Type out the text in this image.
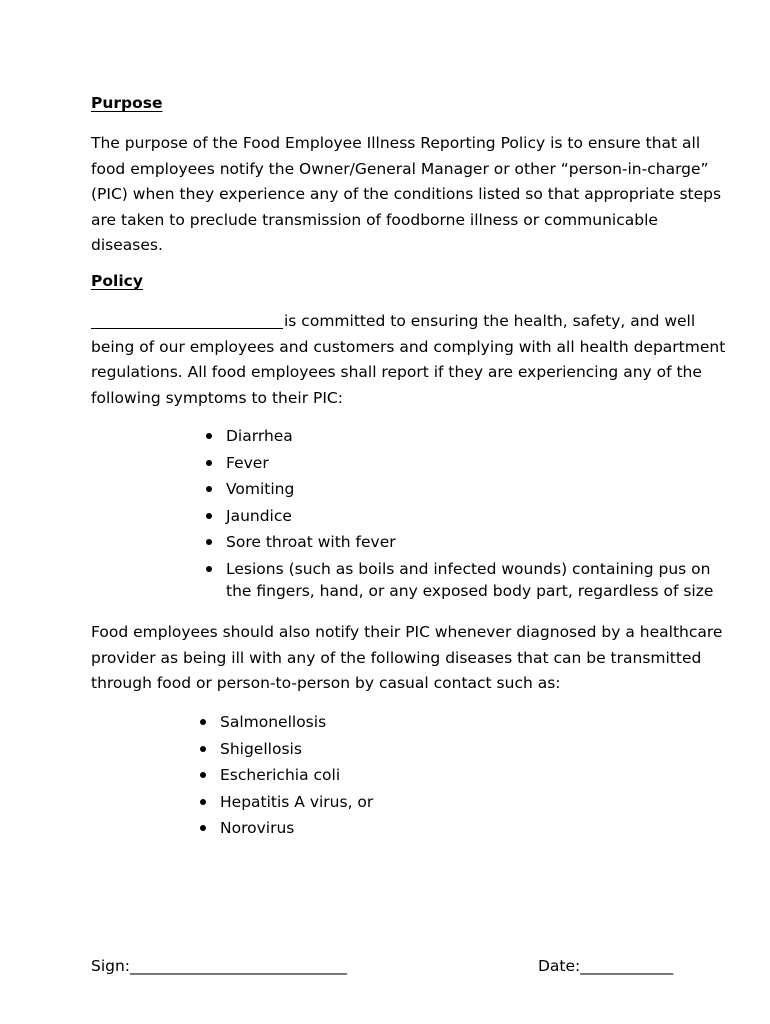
Purpose

The purpose of the Food Employee Illness Reporting Policy is to ensure that all
food employees notify the Owner/General Manager or other “person-in-charge”
(PIC) when they experience any of the conditions listed so that appropriate steps
are taken to preclude transmission of foodborne illness or communicable
diseases.

Policy

is committed to ensuring the health, safety, and well
being of our employees and customers and complying with all health department
regulations. All food employees shall report if they are experiencing any of the
following symptoms to their PIC:
Diarrhea
Fever
Vomiting
Jaundice
Sore throat with fever
Lesions (such as boils and infected wounds) containing pus on
the fingers, hand, or any exposed body part, regardless of size
Food employees should also notify their PIC whenever diagnosed by a healthcare
provider as being ill with any of the following diseases that can be transmitted
through food or person-to-person by casual contact such as:
Salmonellosis
Shigellosis
Escherichia coli
Hepatitis A virus, or
Norovirus
Sign:____________________________	Date:____________
